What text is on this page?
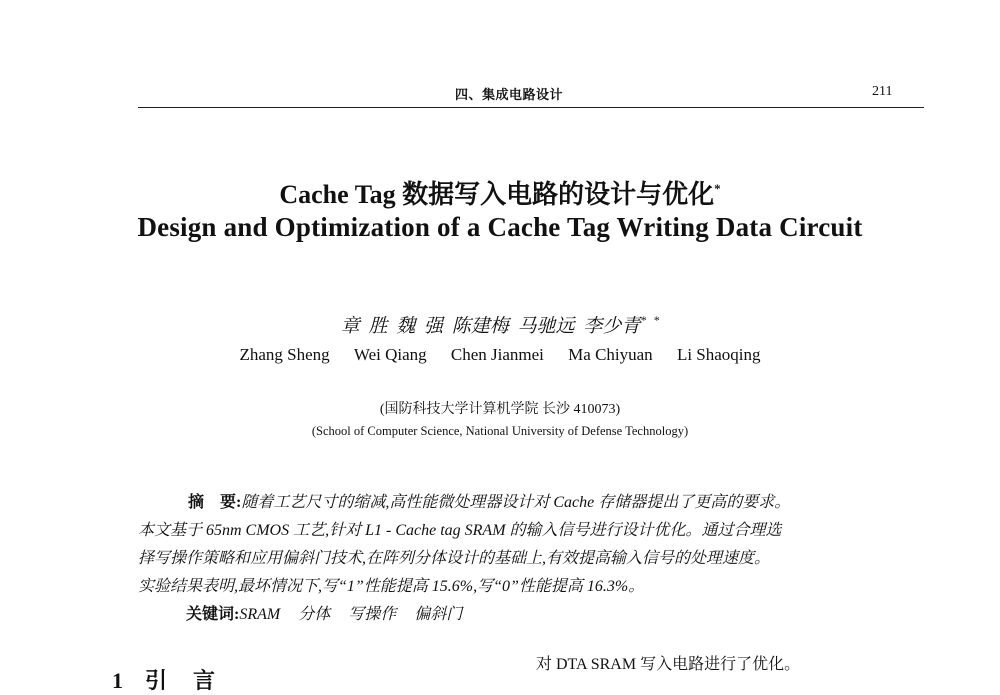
四、集成电路设计	211
Cache Tag 数据写入电路的设计与优化*
Design and Optimization of a Cache Tag Writing Data Circuit
章 胜 魏 强 陈建梅 马驰远 李少青* *
Zhang Sheng Wei Qiang Chen Jianmei Ma Chiyuan Li Shaoqing
(国防科技大学计算机学院 长沙 410073)
(School of Computer Science, National University of Defense Technology)
摘　要:随着工艺尺寸的缩减,高性能微处理器设计对 Cache 存储器提出了更高的要求。
本文基于 65nm CMOS 工艺,针对 L1 - Cache tag SRAM 的输入信号进行设计优化。通过合理选
择写操作策略和应用偏斜门技术,在阵列分体设计的基础上,有效提高输入信号的处理速度。
实验结果表明,最坏情况下,写“1”性能提高 15.6%,写“0”性能提高 16.3%。
关键词:SRAM 分体 写操作 偏斜门
1 引　言
对 DTA SRAM 写入电路进行了优化。
